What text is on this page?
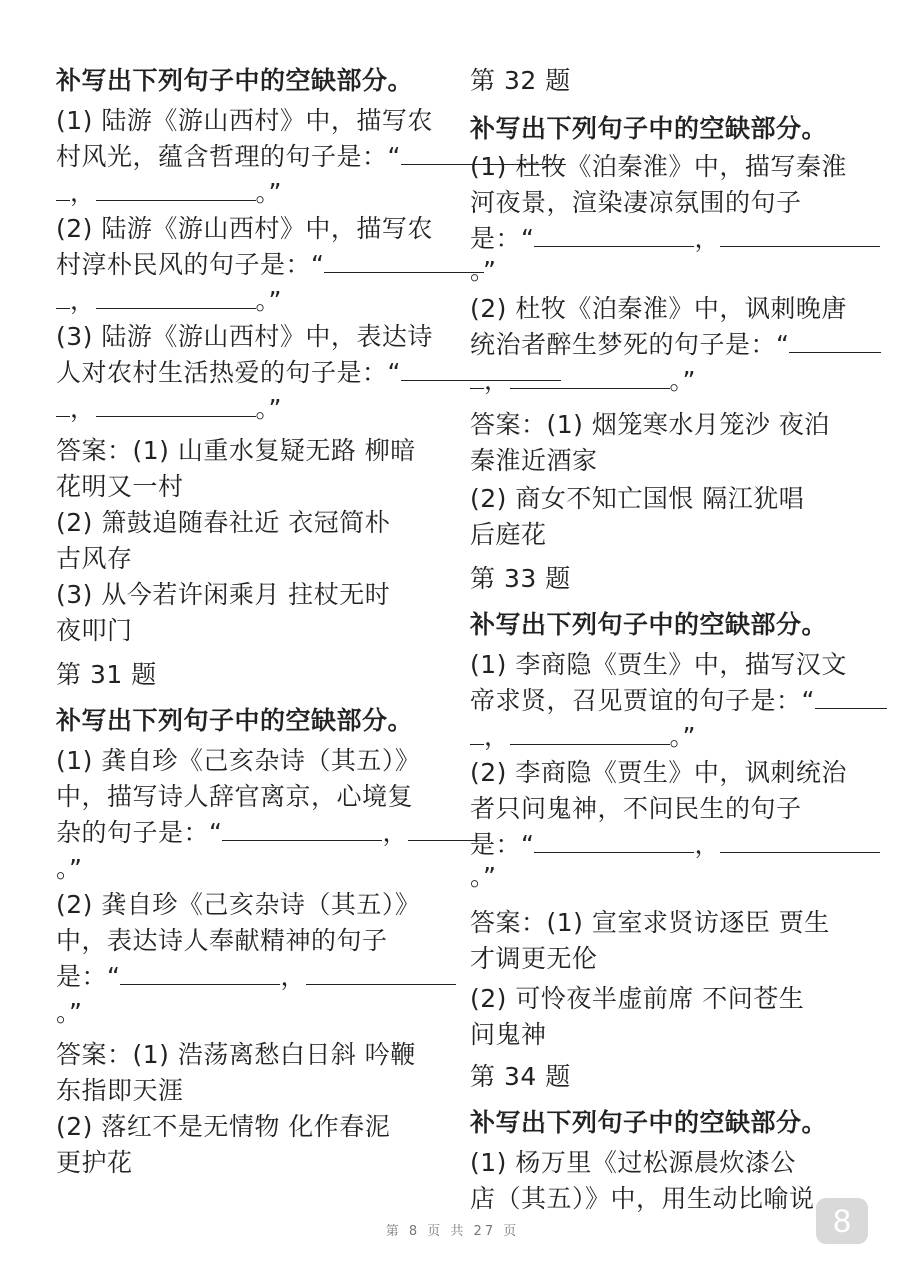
补写出下列句子中的空缺部分。
(1) 陆游《游山西村》中，描写农
村风光，蕴含哲理的句子是：“
，	。”
(2) 陆游《游山西村》中，描写农
村淳朴民风的句子是：“
，	。”
(3) 陆游《游山西村》中，表达诗
人对农村生活热爱的句子是：“
，	。”
答案：(1) 山重水复疑无路 柳暗
花明又一村
(2) 箫鼓追随春社近 衣冠简朴
古风存
(3) 从今若许闲乘月 拄杖无时
夜叩门
第 31 题
补写出下列句子中的空缺部分。
(1) 龚自珍《己亥杂诗（其五）》
中，描写诗人辞官离京，心境复
杂的句子是：“	，
。”
(2) 龚自珍《己亥杂诗（其五）》
中，表达诗人奉献精神的句子
是：“	，
。”
答案：(1) 浩荡离愁白日斜 吟鞭
东指即天涯
(2) 落红不是无情物 化作春泥
更护花
第 32 题
补写出下列句子中的空缺部分。
(1) 杜牧《泊秦淮》中，描写秦淮
河夜景，渲染凄凉氛围的句子
是：“	，
。”
(2) 杜牧《泊秦淮》中，讽刺晚唐
统治者醉生梦死的句子是：“
，	。”
答案：(1) 烟笼寒水月笼沙 夜泊
秦淮近酒家
(2) 商女不知亡国恨 隔江犹唱
后庭花
第 33 题
补写出下列句子中的空缺部分。
(1) 李商隐《贾生》中，描写汉文
帝求贤，召见贾谊的句子是：“
，	。”
(2) 李商隐《贾生》中，讽刺统治
者只问鬼神，不问民生的句子
是：“	，
。”
答案：(1) 宣室求贤访逐臣 贾生
才调更无伦
(2) 可怜夜半虚前席 不问苍生
问鬼神
第 34 题
补写出下列句子中的空缺部分。
(1) 杨万里《过松源晨炊漆公
店（其五）》中，用生动比喻说
第 8 页 共 27 页	8
